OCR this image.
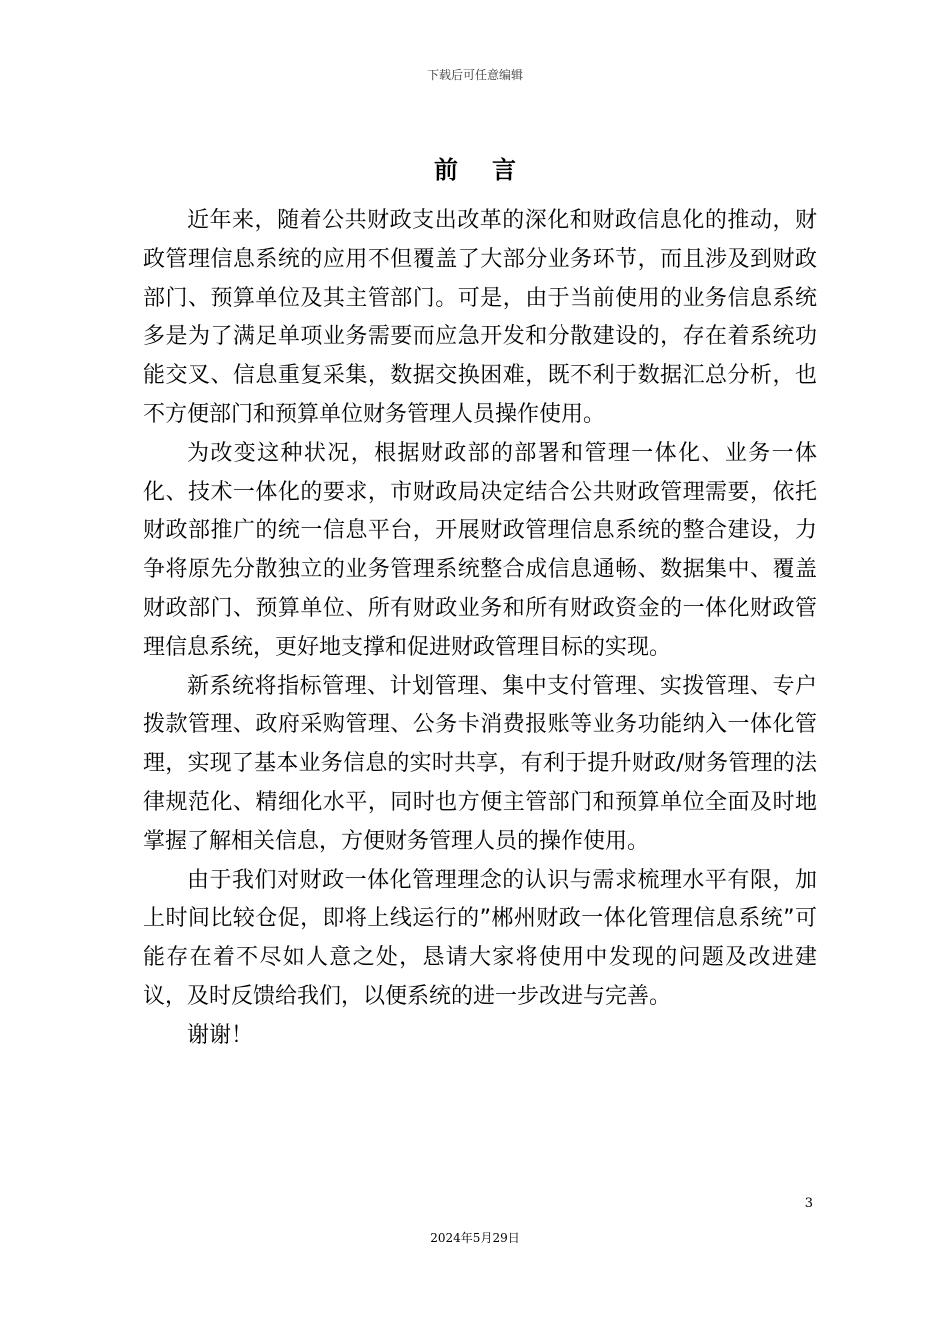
下载后可任意编辑
前言

近年来，随着公共财政支出改革的深化和财政信息化的推动，财政管理信息系统的应用不但覆盖了大部分业务环节，而且涉及到财政部门、预算单位及其主管部门。可是，由于当前使用的业务信息系统多是为了满足单项业务需要而应急开发和分散建设的，存在着系统功能交叉、信息重复采集，数据交换困难，既不利于数据汇总分析，也不方便部门和预算单位财务管理人员操作使用。

为改变这种状况，根据财政部的部署和管理一体化、业务一体化、技术一体化的要求，市财政局决定结合公共财政管理需要，依托财政部推广的统一信息平台，开展财政管理信息系统的整合建设，力争将原先分散独立的业务管理系统整合成信息通畅、数据集中、覆盖财政部门、预算单位、所有财政业务和所有财政资金的一体化财政管理信息系统，更好地支撑和促进财政管理目标的实现。

新系统将指标管理、计划管理、集中支付管理、实拨管理、专户拨款管理、政府采购管理、公务卡消费报账等业务功能纳入一体化管理，实现了基本业务信息的实时共享，有利于提升财政/财务管理的法律规范化、精细化水平，同时也方便主管部门和预算单位全面及时地掌握了解相关信息，方便财务管理人员的操作使用。

由于我们对财政一体化管理理念的认识与需求梳理水平有限，加上时间比较仓促，即将上线运行的”郴州财政一体化管理信息系统”可能存在着不尽如人意之处，恳请大家将使用中发现的问题及改进建议，及时反馈给我们，以便系统的进一步改进与完善。

谢谢！

3
2024年5月29日
